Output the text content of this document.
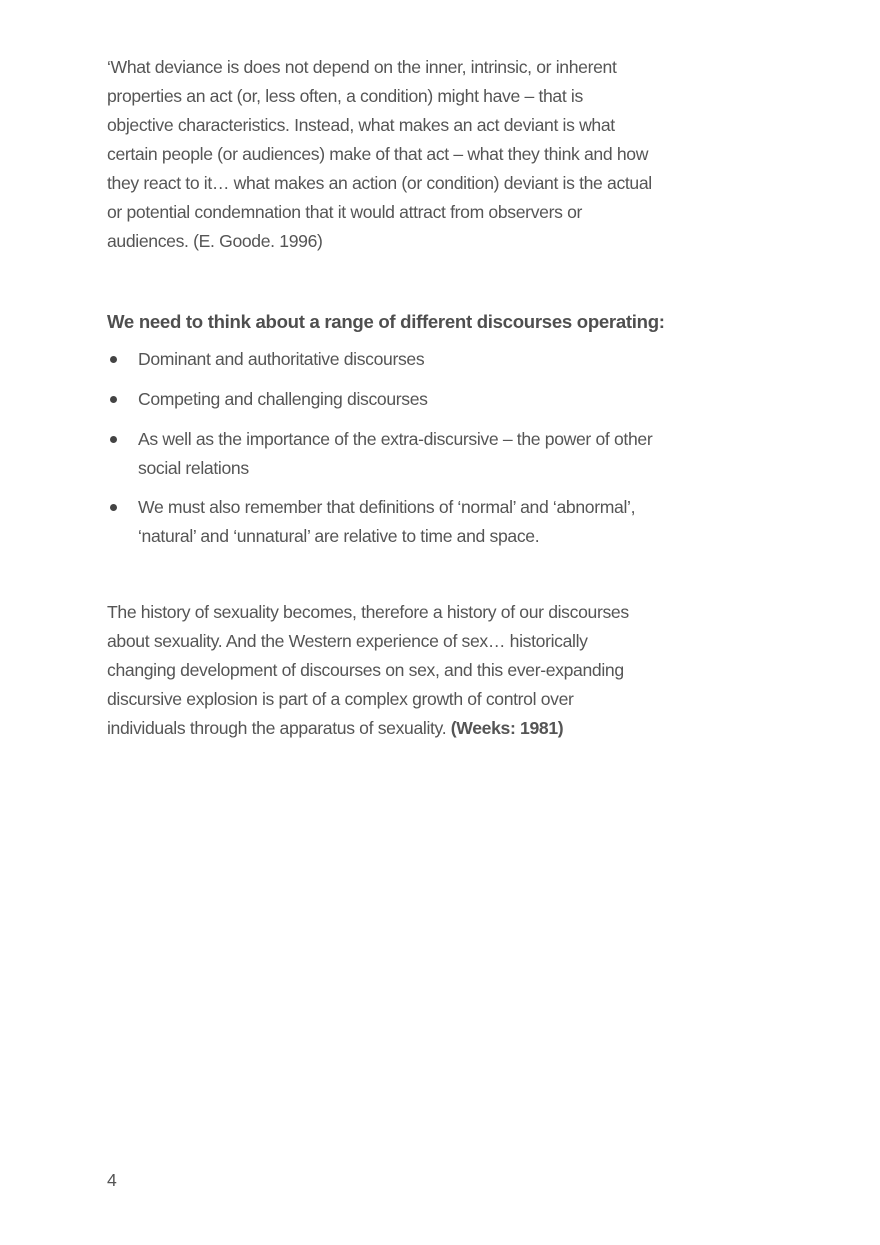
‘What deviance is does not depend on the inner, intrinsic, or inherent
properties an act (or, less often, a condition) might have – that is
objective characteristics. Instead, what makes an act deviant is what
certain people (or audiences) make of that act – what they think and how
they react to it… what makes an action (or condition) deviant is the actual
or potential condemnation that it would attract from observers or
audiences. (E. Goode. 1996)
We need to think about a range of different discourses operating:
Dominant and authoritative discourses
Competing and challenging discourses
As well as the importance of the extra-discursive – the power of other
social relations
We must also remember that definitions of ‘normal’ and ‘abnormal’,
‘natural’ and ‘unnatural’ are relative to time and space.
The history of sexuality becomes, therefore a history of our discourses
about sexuality. And the Western experience of sex… historically
changing development of discourses on sex, and this ever-expanding
discursive explosion is part of a complex growth of control over
individuals through the apparatus of sexuality. (Weeks: 1981)
4
